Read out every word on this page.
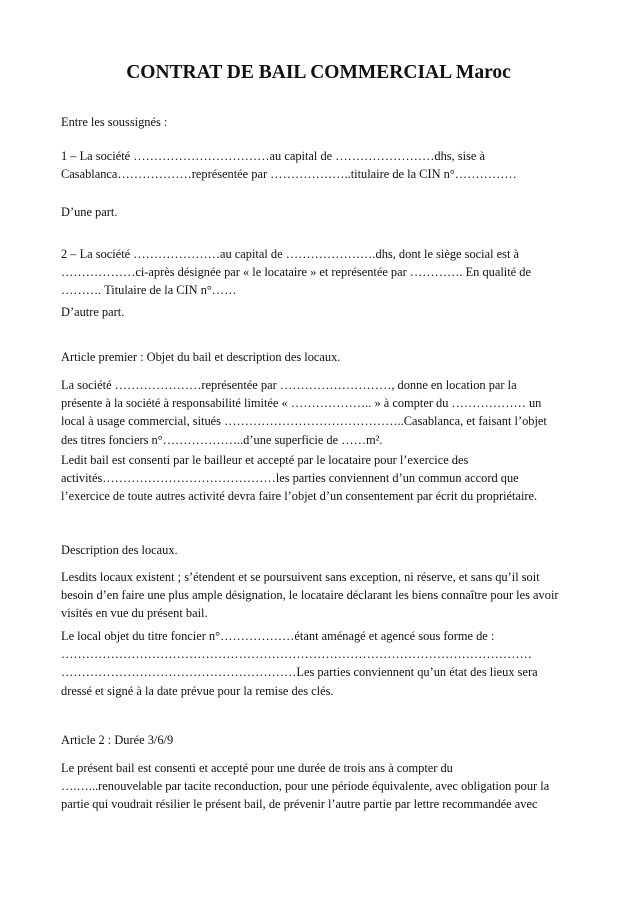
CONTRAT DE BAIL COMMERCIAL Maroc
Entre les soussignés :
1 – La société ……………………………au capital de ……………………dhs, sise à
Casablanca………………représentée par ………………..titulaire de la CIN n°……………
D’une part.
2 – La société …………………au capital de ………………….dhs, dont le siège social est à
………………ci-après désignée par « le locataire » et représentée par …………. En qualité de
………. Titulaire de la CIN n°……
D’autre part.
Article premier : Objet du bail et description des locaux.
La société …………………représentée par ………………………, donne en location par la
présente à la société à responsabilité limitée « ……………….. » à compter du ……………… un
local à usage commercial, situés ……………………………………..Casablanca, et faisant l’objet
des titres fonciers n°………………..d’une superficie de ……m².
Ledit bail est consenti par le bailleur et accepté par le locataire pour l’exercice des
activités……………………………………les parties conviennent d’un commun accord que
l’exercice de toute autres activité devra faire l’objet d’un consentement par écrit du propriétaire.
Description des locaux.
Lesdits locaux existent ; s’étendent et se poursuivent sans exception, ni réserve, et sans qu’il soit
besoin d’en faire une plus ample désignation, le locataire déclarant les biens connaître pour les avoir
visités en vue du présent bail.
Le local objet du titre foncier n°………………étant aménagé et agencé sous forme de :
……………………………………………………………………………………………………
…………………………………………………Les parties conviennent qu’un état des lieux sera
dressé et signé à la date prévue pour la remise des clés.
Article 2 : Durée 3/6/9
Le présent bail est consenti et accepté pour une durée de trois ans à compter du
….…...renouvelable par tacite reconduction, pour une période équivalente, avec obligation pour la
partie qui voudrait résilier le présent bail, de prévenir l’autre partie par lettre recommandée avec
